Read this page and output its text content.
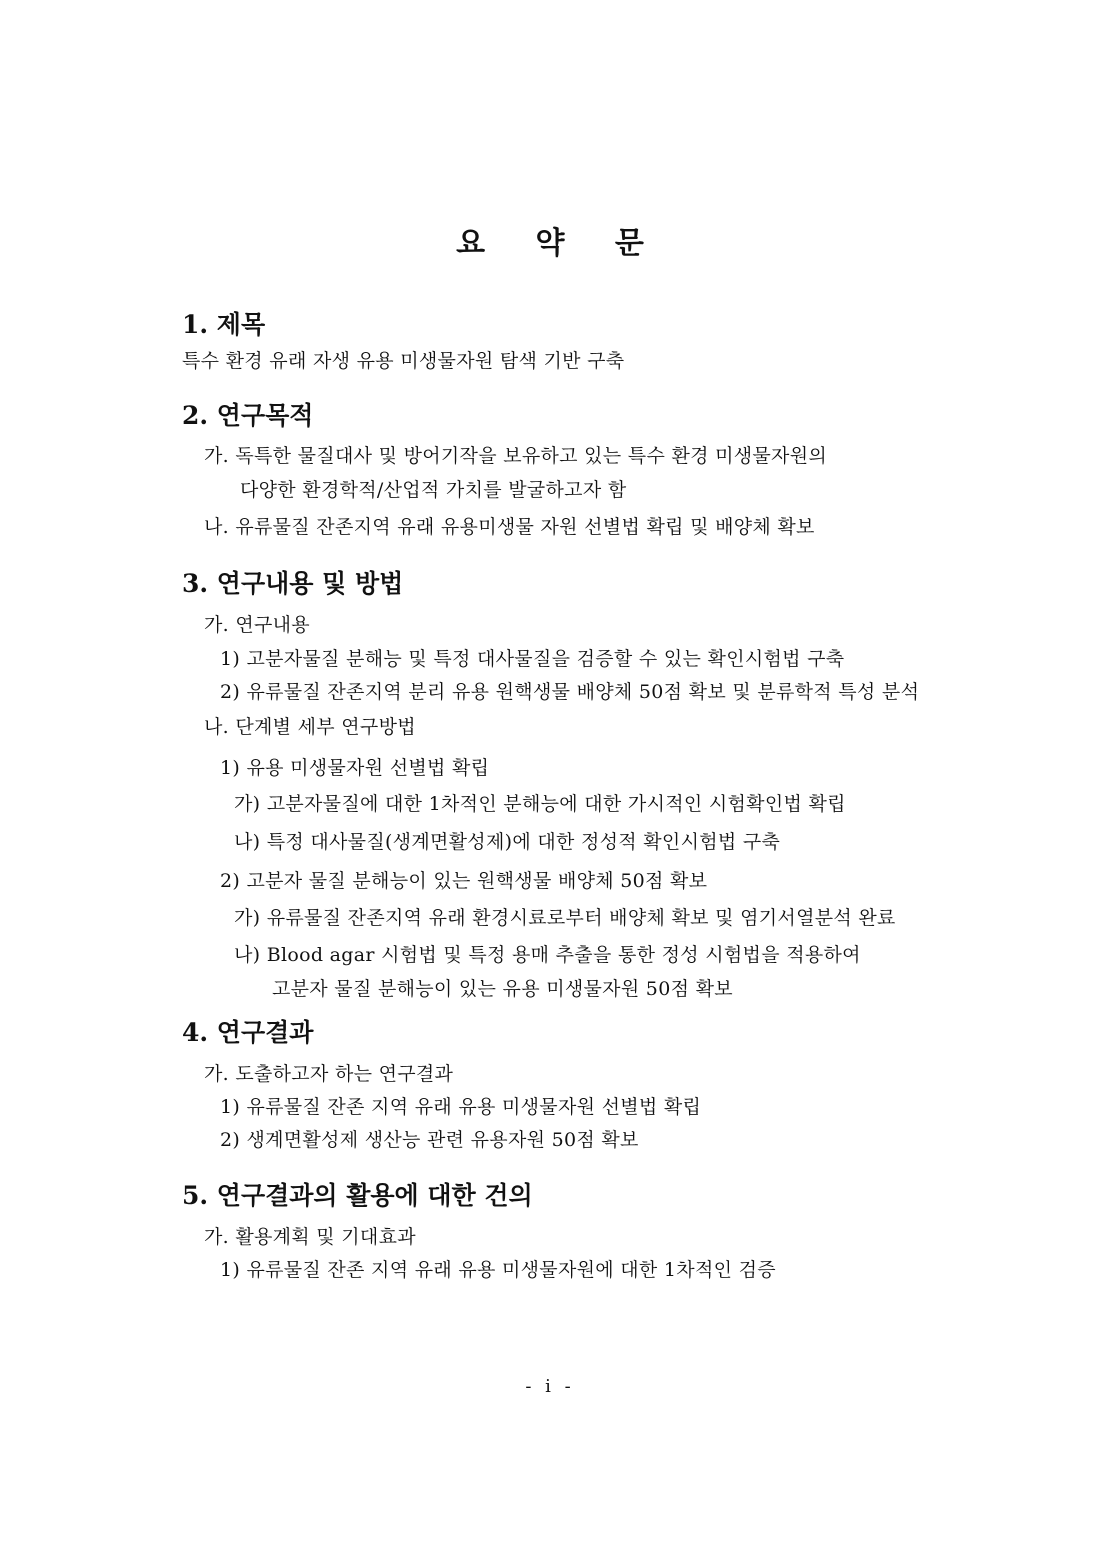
요 약 문
1. 제목
특수 환경 유래 자생 유용 미생물자원 탐색 기반 구축
2. 연구목적
가. 독특한 물질대사 및 방어기작을 보유하고 있는 특수 환경 미생물자원의
다양한 환경학적/산업적 가치를 발굴하고자 함
나. 유류물질 잔존지역 유래 유용미생물 자원 선별법 확립 및 배양체 확보
3. 연구내용 및 방법
가. 연구내용
1) 고분자물질 분해능 및 특정 대사물질을 검증할 수 있는 확인시험법 구축
2) 유류물질 잔존지역 분리 유용 원핵생물 배양체 50점 확보 및 분류학적 특성 분석
나. 단계별 세부 연구방법
1) 유용 미생물자원 선별법 확립
가) 고분자물질에 대한 1차적인 분해능에 대한 가시적인 시험확인법 확립
나) 특정 대사물질(생계면활성제)에 대한 정성적 확인시험법 구축
2) 고분자 물질 분해능이 있는 원핵생물 배양체 50점 확보
가) 유류물질 잔존지역 유래 환경시료로부터 배양체 확보 및 염기서열분석 완료
나) Blood agar 시험법 및 특정 용매 추출을 통한 정성 시험법을 적용하여
고분자 물질 분해능이 있는 유용 미생물자원 50점 확보
4. 연구결과
가. 도출하고자 하는 연구결과
1) 유류물질 잔존 지역 유래 유용 미생물자원 선별법 확립
2) 생계면활성제 생산능 관련 유용자원 50점 확보
5. 연구결과의 활용에 대한 건의
가. 활용계획 및 기대효과
1) 유류물질 잔존 지역 유래 유용 미생물자원에 대한 1차적인 검증
- i -
